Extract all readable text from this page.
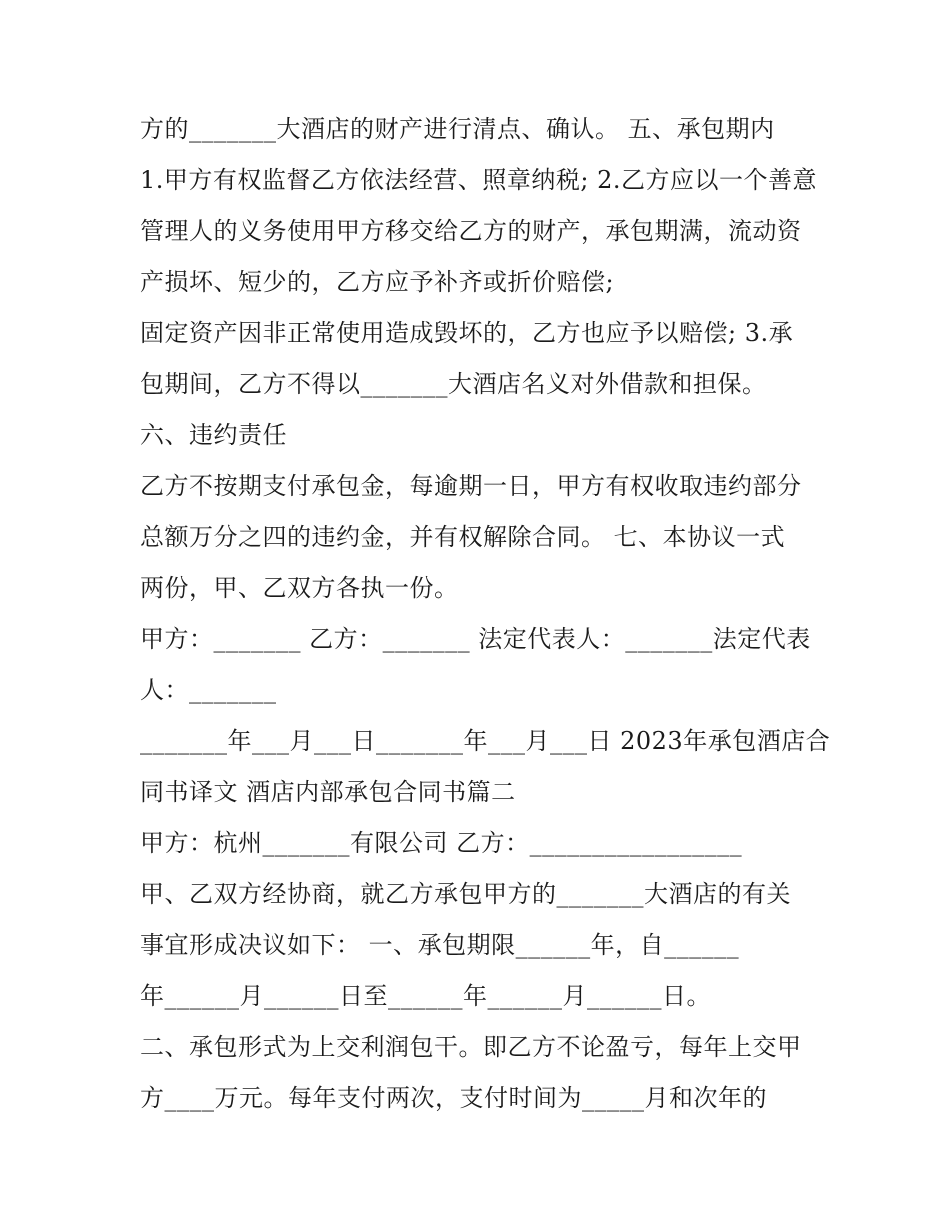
方的_______大酒店的财产进行清点、确认。 五、承包期内
1.甲方有权监督乙方依法经营、照章纳税; 2.乙方应以一个善意
管理人的义务使用甲方移交给乙方的财产，承包期满，流动资
产损坏、短少的，乙方应予补齐或折价赔偿;
固定资产因非正常使用造成毁坏的，乙方也应予以赔偿; 3.承
包期间，乙方不得以_______大酒店名义对外借款和担保。
六、违约责任
乙方不按期支付承包金，每逾期一日，甲方有权收取违约部分
总额万分之四的违约金，并有权解除合同。 七、本协议一式
两份，甲、乙双方各执一份。
甲方：_______ 乙方：_______ 法定代表人：_______法定代表
人：_______
_______年___月___日_______年___月___日 2023年承包酒店合
同书译文 酒店内部承包合同书篇二
甲方：杭州_______有限公司 乙方：_________________
甲、乙双方经协商，就乙方承包甲方的_______大酒店的有关
事宜形成决议如下： 一、承包期限______年，自______
年______月______日至______年______月______日。
二、承包形式为上交利润包干。即乙方不论盈亏，每年上交甲
方____万元。每年支付两次，支付时间为_____月和次年的
